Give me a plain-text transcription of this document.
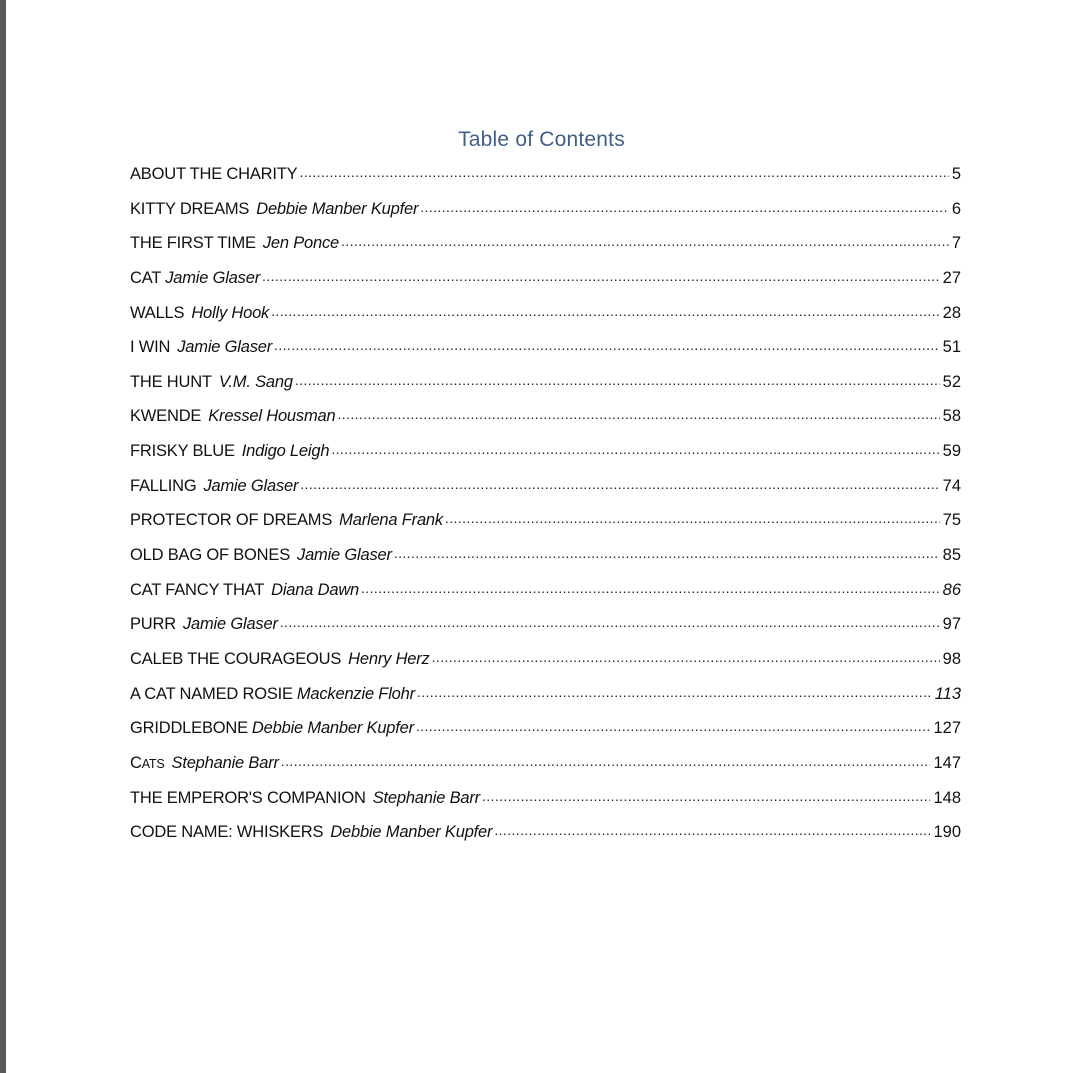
Table of Contents
ABOUT THE CHARITY .....	5
KITTY DREAMS Debbie Manber Kupfer .....	6
THE FIRST TIME Jen Ponce .....	7
CAT Jamie Glaser .....	27
WALLS Holly Hook .....	28
I WIN Jamie Glaser .....	51
THE HUNT V.M. Sang .....	52
KWENDE Kressel Housman .....	58
FRISKY BLUE Indigo Leigh .....	59
FALLING Jamie Glaser .....	74
PROTECTOR OF DREAMS Marlena Frank .....	75
OLD BAG OF BONES Jamie Glaser .....	85
CAT FANCY THAT Diana Dawn .....	86
PURR Jamie Glaser .....	97
CALEB THE COURAGEOUS Henry Herz .....	98
A CAT NAMED ROSIE Mackenzie Flohr .....	113
GRIDDLEBONE Debbie Manber Kupfer .....	127
CATS Stephanie Barr .....	147
THE EMPEROR'S COMPANION Stephanie Barr .....	148
CODE NAME: WHISKERS Debbie Manber Kupfer .....	190
